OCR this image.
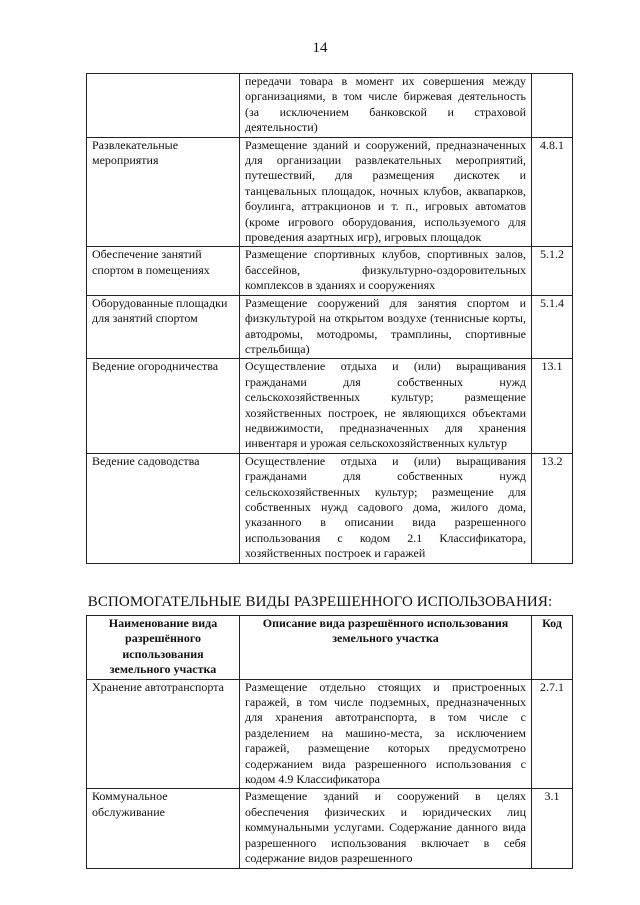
14
	передачи товара в момент их совершения между организациями, в том числе биржевая деятельность (за исключением банковской и страховой деятельности)	
Развлекательные мероприятия	Размещение зданий и сооружений, предназначенных для организации развлекательных мероприятий, путешествий, для размещения дискотек и танцевальных площадок, ночных клубов, аквапарков, боулинга, аттракционов и т. п., игровых автоматов (кроме игрового оборудования, используемого для проведения азартных игр), игровых площадок	4.8.1
Обеспечение занятий спортом в помещениях	Размещение спортивных клубов, спортивных залов, бассейнов, физкультурно-оздоровительных комплексов в зданиях и сооружениях	5.1.2
Оборудованные площадки для занятий спортом	Размещение сооружений для занятия спортом и физкультурой на открытом воздухе (теннисные корты, автодромы, мотодромы, трамплины, спортивные стрельбища)	5.1.4
Ведение огородничества	Осуществление отдыха и (или) выращивания гражданами для собственных нужд сельскохозяйственных культур; размещение хозяйственных построек, не являющихся объектами недвижимости, предназначенных для хранения инвентаря и урожая сельскохозяйственных культур	13.1
Ведение садоводства	Осуществление отдыха и (или) выращивания гражданами для собственных нужд сельскохозяйственных культур; размещение для собственных нужд садового дома, жилого дома, указанного в описании вида разрешенного использования с кодом 2.1 Классификатора, хозяйственных построек и гаражей	13.2
ВСПОМОГАТЕЛЬНЫЕ ВИДЫ РАЗРЕШЕННОГО ИСПОЛЬЗОВАНИЯ:
Наименование вида разрешённого использования земельного участка	Описание вида разрешённого использования земельного участка	Код
Хранение автотранспорта	Размещение отдельно стоящих и пристроенных гаражей, в том числе подземных, предназначенных для хранения автотранспорта, в том числе с разделением на машино-места, за исключением гаражей, размещение которых предусмотрено содержанием вида разрешенного использования с кодом 4.9 Классификатора	2.7.1
Коммунальное обслуживание	Размещение зданий и сооружений в целях обеспечения физических и юридических лиц коммунальными услугами. Содержание данного вида разрешенного использования включает в себя содержание видов разрешенного	3.1
